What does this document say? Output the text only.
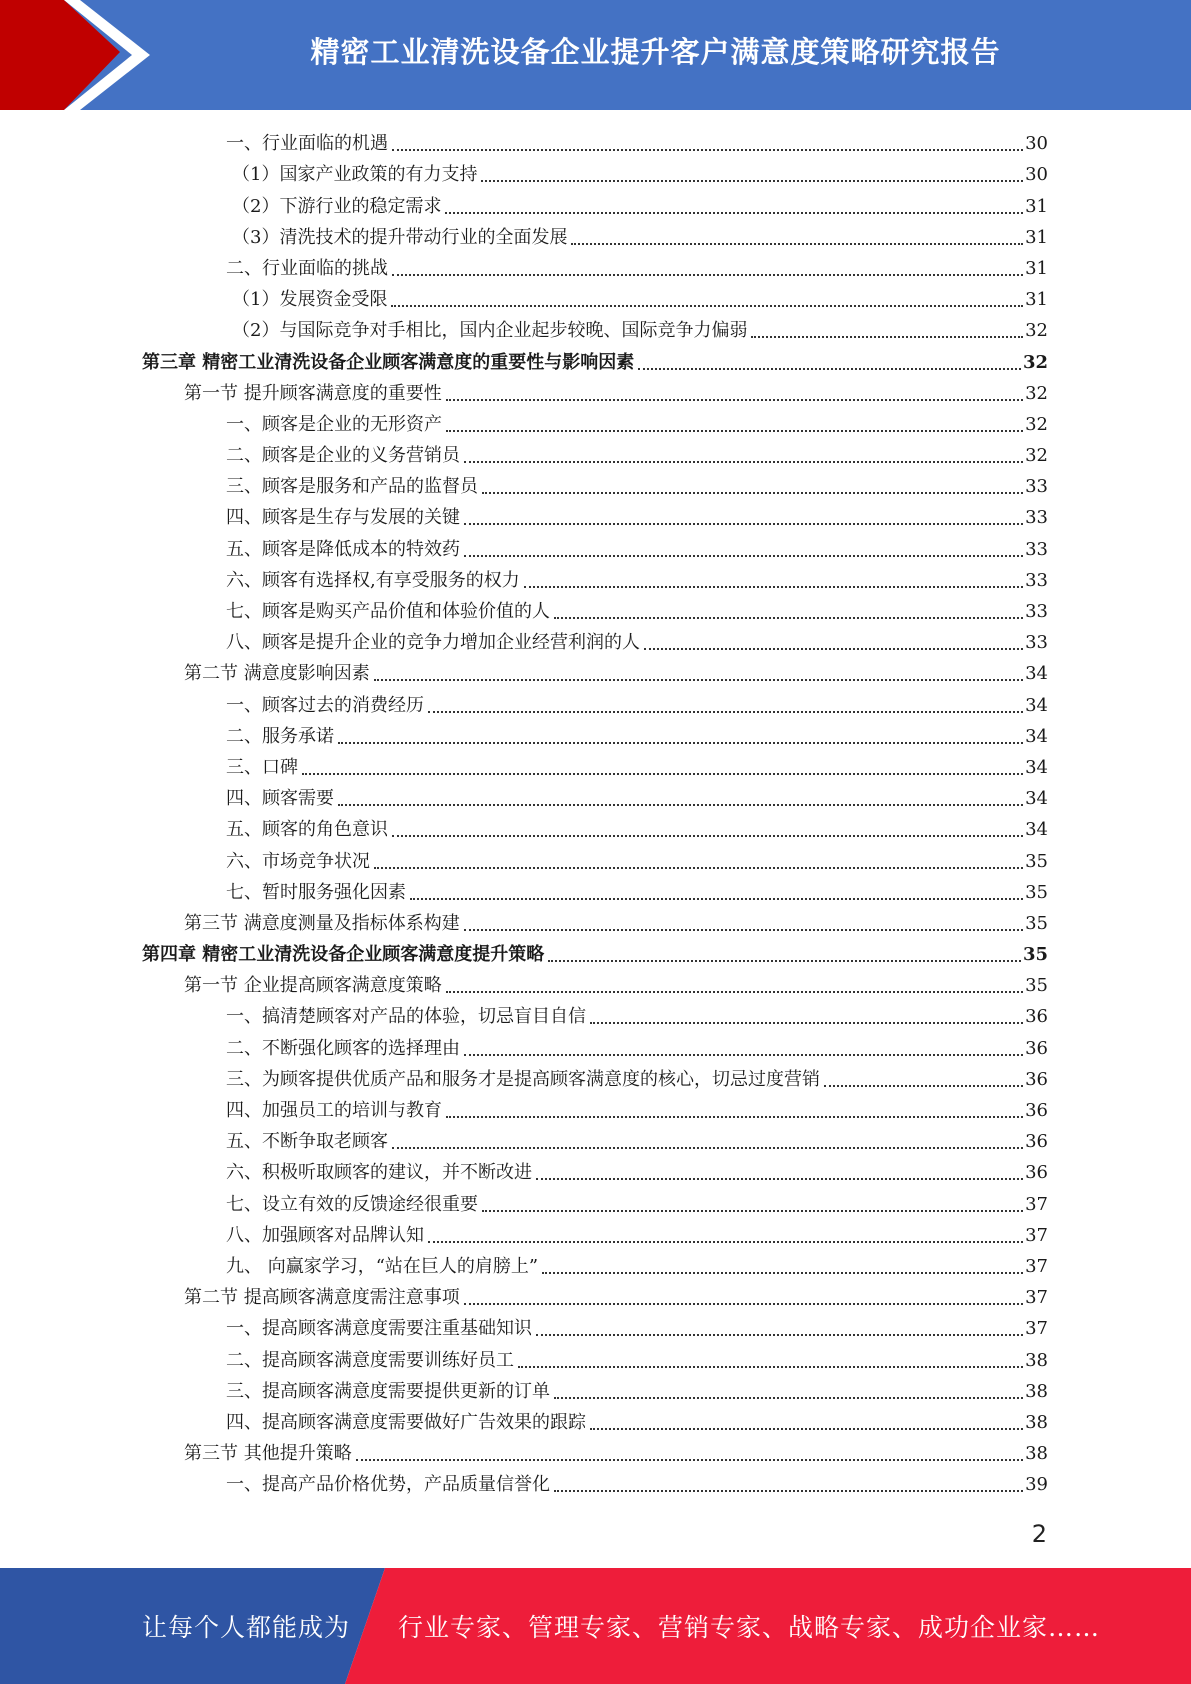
精密工业清洗设备企业提升客户满意度策略研究报告
一、行业面临的机遇	30
（1）国家产业政策的有力支持	30
（2）下游行业的稳定需求	31
（3）清洗技术的提升带动行业的全面发展	31
二、行业面临的挑战	31
（1）发展资金受限	31
（2）与国际竞争对手相比，国内企业起步较晚、国际竞争力偏弱	32
第三章 精密工业清洗设备企业顾客满意度的重要性与影响因素	32
第一节 提升顾客满意度的重要性	32
一、顾客是企业的无形资产	32
二、顾客是企业的义务营销员	32
三、顾客是服务和产品的监督员	33
四、顾客是生存与发展的关键	33
五、顾客是降低成本的特效药	33
六、顾客有选择权,有享受服务的权力	33
七、顾客是购买产品价值和体验价值的人	33
八、顾客是提升企业的竞争力增加企业经营利润的人	33
第二节 满意度影响因素	34
一、顾客过去的消费经历	34
二、服务承诺	34
三、口碑	34
四、顾客需要	34
五、顾客的角色意识	34
六、市场竞争状况	35
七、暂时服务强化因素	35
第三节 满意度测量及指标体系构建	35
第四章 精密工业清洗设备企业顾客满意度提升策略	35
第一节 企业提高顾客满意度策略	35
一、搞清楚顾客对产品的体验，切忌盲目自信	36
二、不断强化顾客的选择理由	36
三、为顾客提供优质产品和服务才是提高顾客满意度的核心，切忌过度营销	36
四、加强员工的培训与教育	36
五、不断争取老顾客	36
六、积极听取顾客的建议，并不断改进	36
七、设立有效的反馈途经很重要	37
八、加强顾客对品牌认知	37
九、 向赢家学习，“站在巨人的肩膀上”	37
第二节 提高顾客满意度需注意事项	37
一、提高顾客满意度需要注重基础知识	37
二、提高顾客满意度需要训练好员工	38
三、提高顾客满意度需要提供更新的订单	38
四、提高顾客满意度需要做好广告效果的跟踪	38
第三节 其他提升策略	38
一、提高产品价格优势，产品质量信誉化	39
2
让每个人都能成为 行业专家、管理专家、营销专家、战略专家、成功企业家……
